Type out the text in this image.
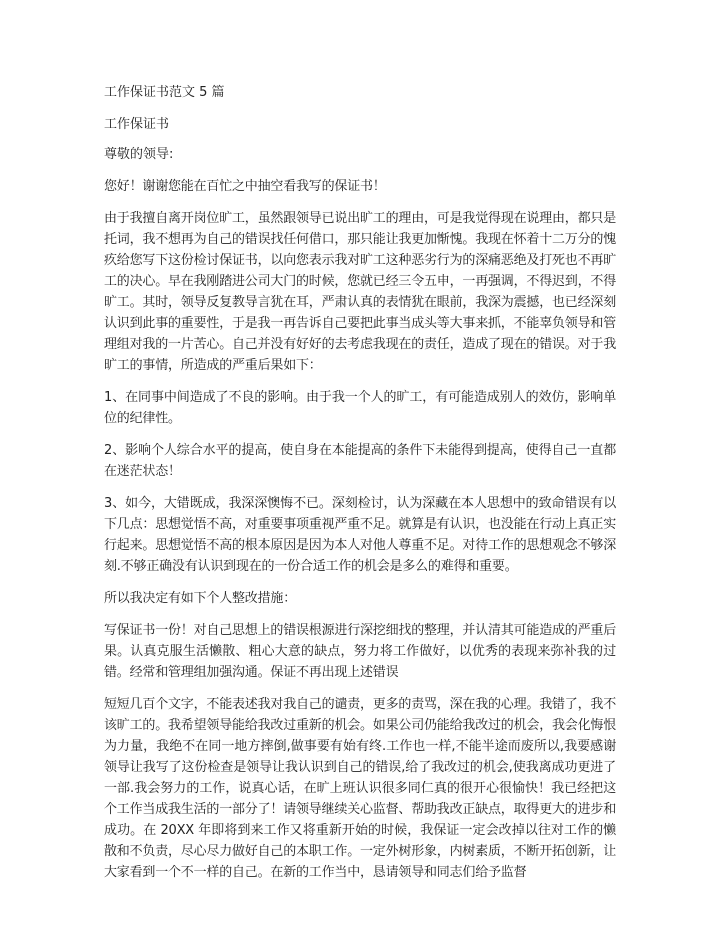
工作保证书范文 5 篇
工作保证书
尊敬的领导:

您好！谢谢您能在百忙之中抽空看我写的保证书！

由于我擅自离开岗位旷工，虽然跟领导已说出旷工的理由，可是我觉得现在说理由，都只是托词，我不想再为自己的错误找任何借口，那只能让我更加惭愧。我现在怀着十二万分的愧疚给您写下这份检讨保证书，以向您表示我对旷工这种恶劣行为的深痛恶绝及打死也不再旷工的决心。早在我刚踏进公司大门的时候，您就已经三令五申，一再强调，不得迟到，不得旷工。其时，领导反复教导言犹在耳，严肃认真的表情犹在眼前，我深为震撼，也已经深刻认识到此事的重要性，于是我一再告诉自己要把此事当成头等大事来抓，不能辜负领导和管理组对我的一片苦心。自己并没有好好的去考虑我现在的责任，造成了现在的错误。对于我旷工的事情，所造成的严重后果如下：

1、在同事中间造成了不良的影响。由于我一个人的旷工，有可能造成别人的效仿，影响单位的纪律性。

2、影响个人综合水平的提高，使自身在本能提高的条件下未能得到提高，使得自己一直都在迷茫状态！

3、如今，大错既成，我深深懊悔不已。深刻检讨，认为深藏在本人思想中的致命错误有以下几点：思想觉悟不高，对重要事项重视严重不足。就算是有认识，也没能在行动上真正实行起来。思想觉悟不高的根本原因是因为本人对他人尊重不足。对待工作的思想观念不够深刻.不够正确没有认识到现在的一份合适工作的机会是多么的难得和重要。

所以我决定有如下个人整改措施：

写保证书一份！对自己思想上的错误根源进行深挖细找的整理，并认清其可能造成的严重后果。认真克服生活懒散、粗心大意的缺点，努力将工作做好，以优秀的表现来弥补我的过错。经常和管理组加强沟通。保证不再出现上述错误

短短几百个文字，不能表述我对我自己的谴责，更多的责骂，深在我的心理。我错了，我不该旷工的。我希望领导能给我改过重新的机会。如果公司仍能给我改过的机会，我会化悔恨为力量，我绝不在同一地方摔倒,做事要有始有终.工作也一样,不能半途而废所以,我要感谢领导让我写了这份检查是领导让我认识到自己的错误,给了我改过的机会,使我离成功更进了一部.我会努力的工作，说真心话，在旷上班认识很多同仁真的很开心很愉快！我已经把这个工作当成我生活的一部分了！请领导继续关心监督、帮助我改正缺点，取得更大的进步和成功。在 20XX 年即将到来工作又将重新开始的时候，我保证一定会改掉以往对工作的懒散和不负责，尽心尽力做好自己的本职工作。一定外树形象，内树素质，不断开拓创新，让大家看到一个不一样的自己。在新的工作当中，恳请领导和同志们给予监督
